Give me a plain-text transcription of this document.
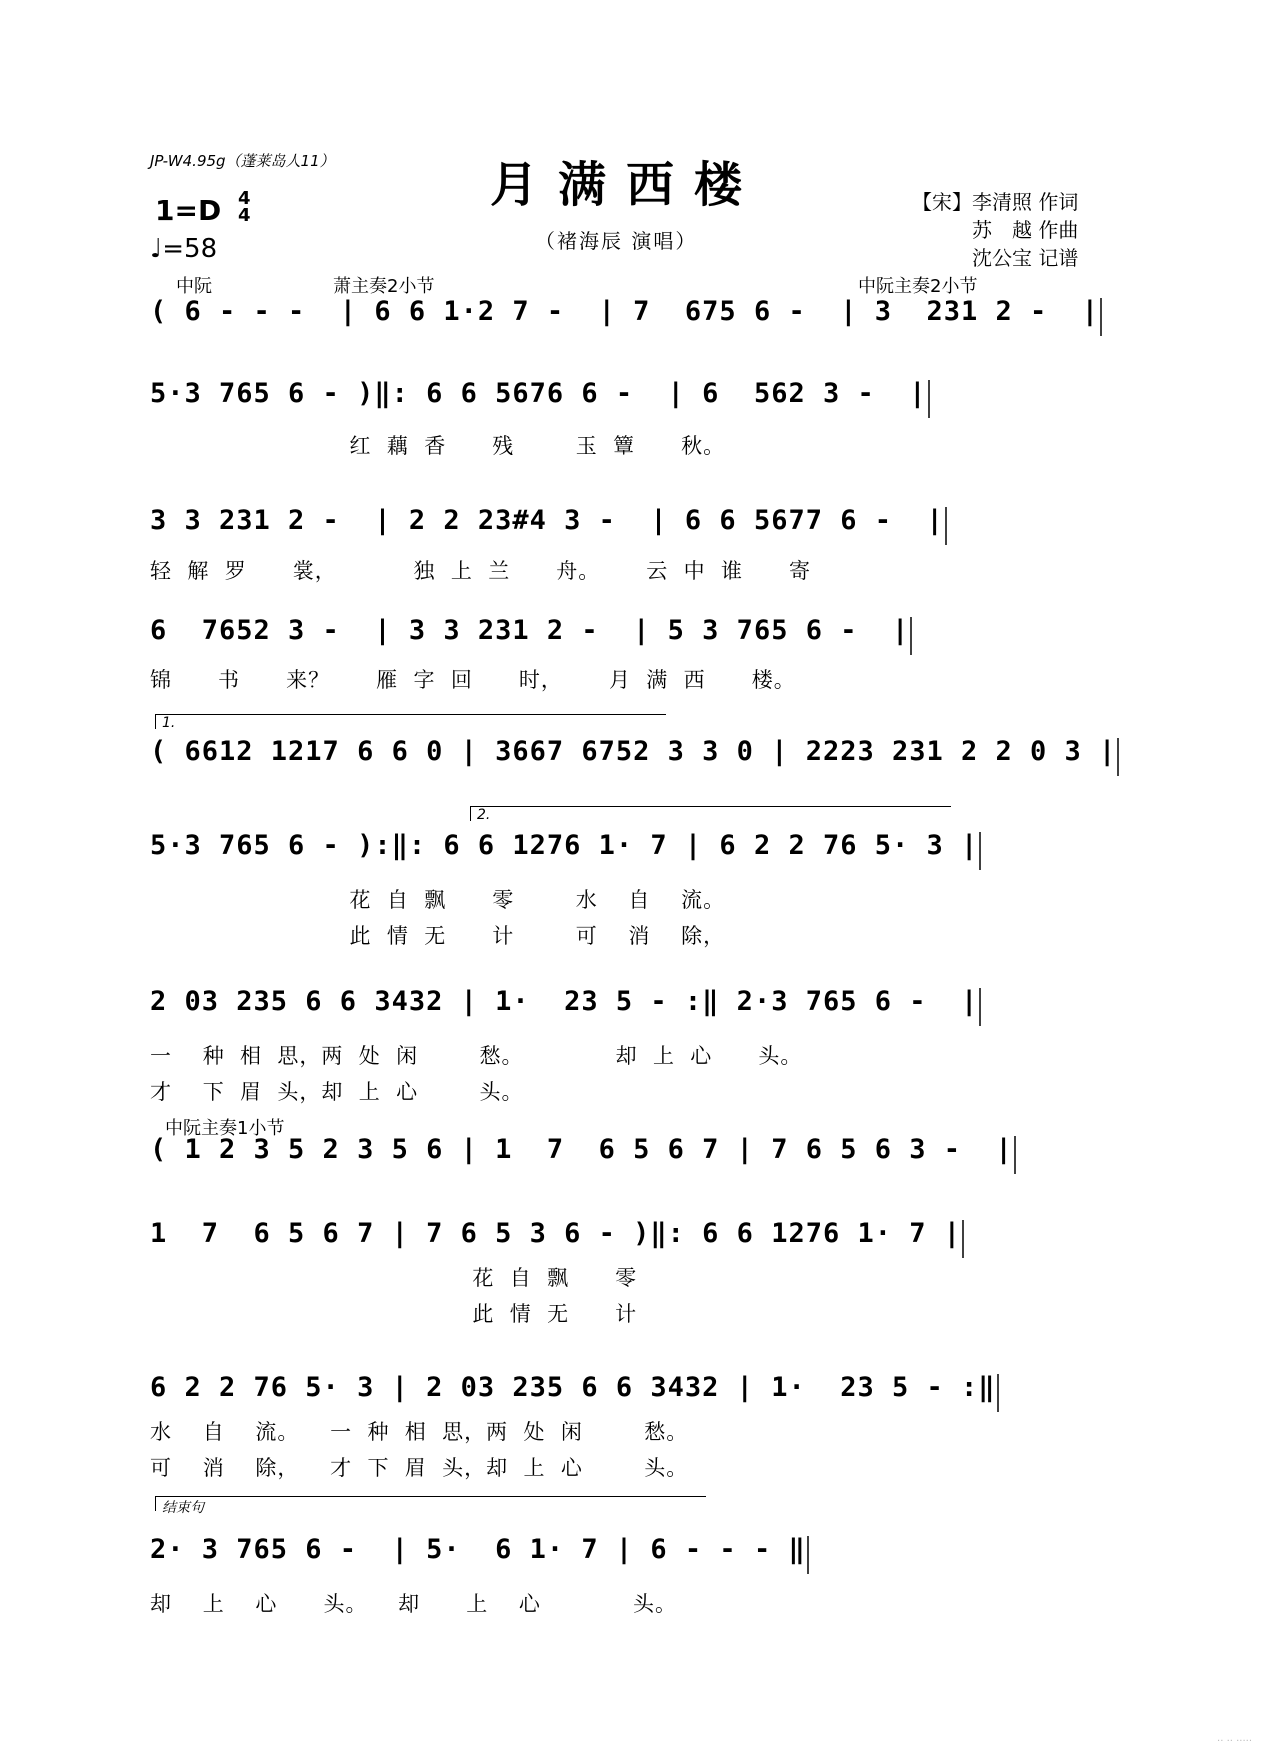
JP-W4.95g（蓬莱岛人11）	月满西楼
（褚海辰 演唱）
【宋】李清照 作词
苏　越 作曲
沈公宝 记谱
1=D 4
4
♩=58
中阮	萧主奏2小节	中阮主奏2小节
中阮主奏1小节
1.
2.
结束句
( 6 - - -  | 6 6 1·2 7 -  | 7  675 6 -  | 3  231 2 -  |
5·3 765 6 - )‖: 6 6 5676 6 -  | 6  562 3 -  |
3 3 231 2 -  | 2 2 23#4 3 -  | 6 6 5677 6 -  |
6  7652 3 -  | 3 3 231 2 -  | 5 3 765 6 -  |
( 6612 1217 6 6 0 | 3667 6752 3 3 0 | 2223 231 2 2 0 3 |
5·3 765 6 - ):‖: 6 6 1276 1· 7 | 6 2 2 76 5· 3 |
2 03 235 6 6 3432 | 1·  23 5 - :‖ 2·3 765 6 -  |
( 1 2 3 5 2 3 5 6 | 1  7  6 5 6 7 | 7 6 5 6 3 -  |
1  7  6 5 6 7 | 7 6 5 3 6 - )‖: 6 6 1276 1· 7 |
6 2 2 76 5· 3 | 2 03 235 6 6 3432 | 1·  23 5 - :‖
2· 3 765 6 -  | 5·  6 1· 7 | 6 - - - ‖
红  藕  香      残        玉  簟      秋。
轻  解  罗      裳，          独  上  兰      舟。      云  中  谁      寄
锦      书      来？      雁  字  回      时，      月  满  西      楼。
花  自  飘      零        水    自    流。
此  情  无      计        可    消    除，
一    种  相  思，两  处  闲        愁。            却  上  心      头。
才    下  眉  头，却  上  心        头。
花  自  飘      零
此  情  无      计
水    自    流。    一  种  相  思，两  处  闲        愁。
可    消    除，    才  下  眉  头，却  上  心        头。
却    上    心      头。    却      上    心            头。
·· ·· ·····
